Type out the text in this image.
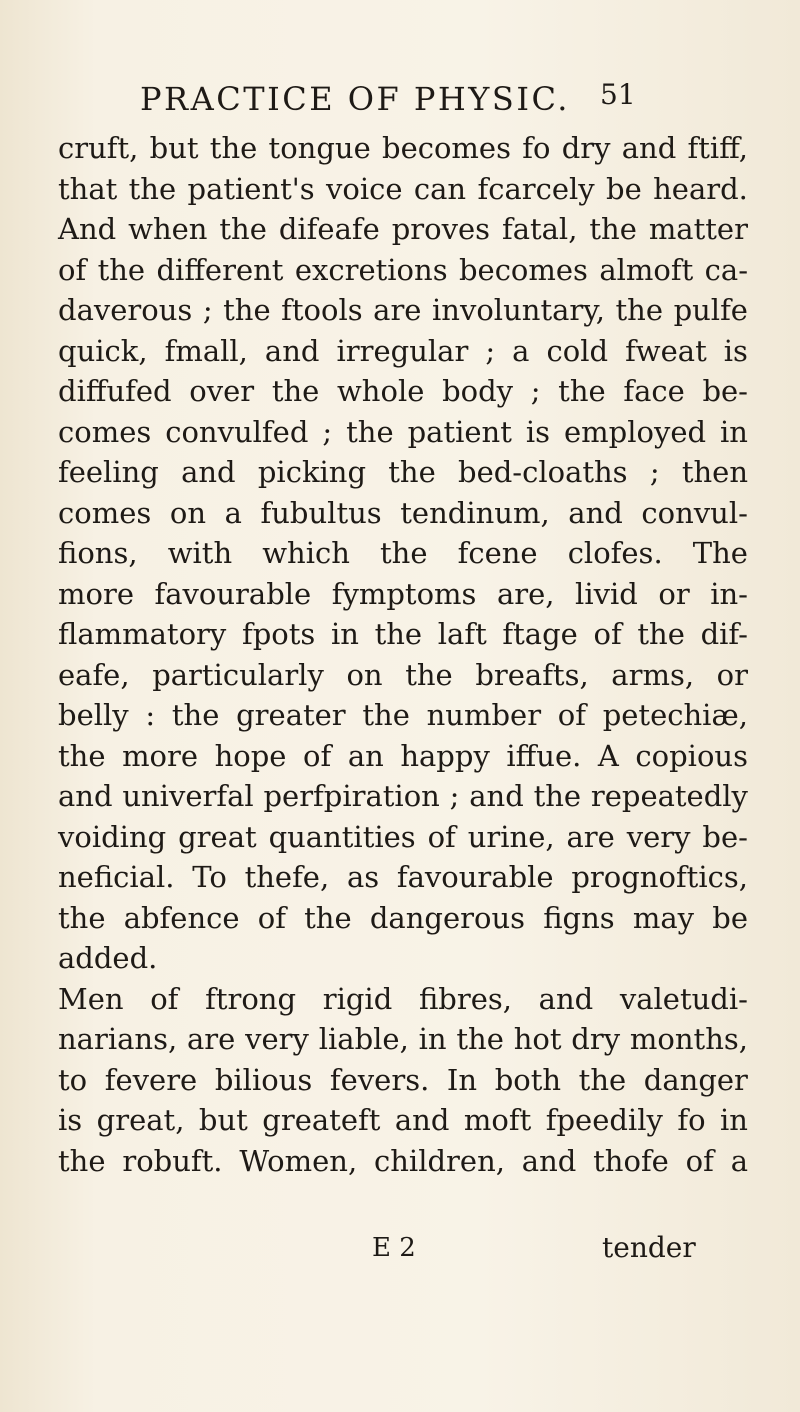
PRACTICE OF PHYSIC. 51
cruft, but the tongue becomes fo dry and ftiff,
that the patient's voice can fcarcely be heard.
And when the difeafe proves fatal, the matter
of the different excretions becomes almoft ca-
daverous ; the ftools are involuntary, the pulfe
quick, fmall, and irregular ; a cold fweat is
diffufed over the whole body ; the face be-
comes convulfed ; the patient is employed in
feeling and picking the bed-cloaths ; then
comes on a fubultus tendinum, and convul-
fions, with which the fcene clofes. The
more favourable fymptoms are, livid or in-
flammatory fpots in the laft ftage of the dif-
eafe, particularly on the breafts, arms, or
belly : the greater the number of petechiæ,
the more hope of an happy iffue. A copious
and univerfal perfpiration ; and the repeatedly
voiding great quantities of urine, are very be-
neficial. To thefe, as favourable prognoftics,
the abfence of the dangerous figns may be
added.
Men of ftrong rigid fibres, and valetudi-
narians, are very liable, in the hot dry months,
to fevere bilious fevers. In both the danger
is great, but greateft and moft fpeedily fo in
the robuft. Women, children, and thofe of a
E 2	tender
